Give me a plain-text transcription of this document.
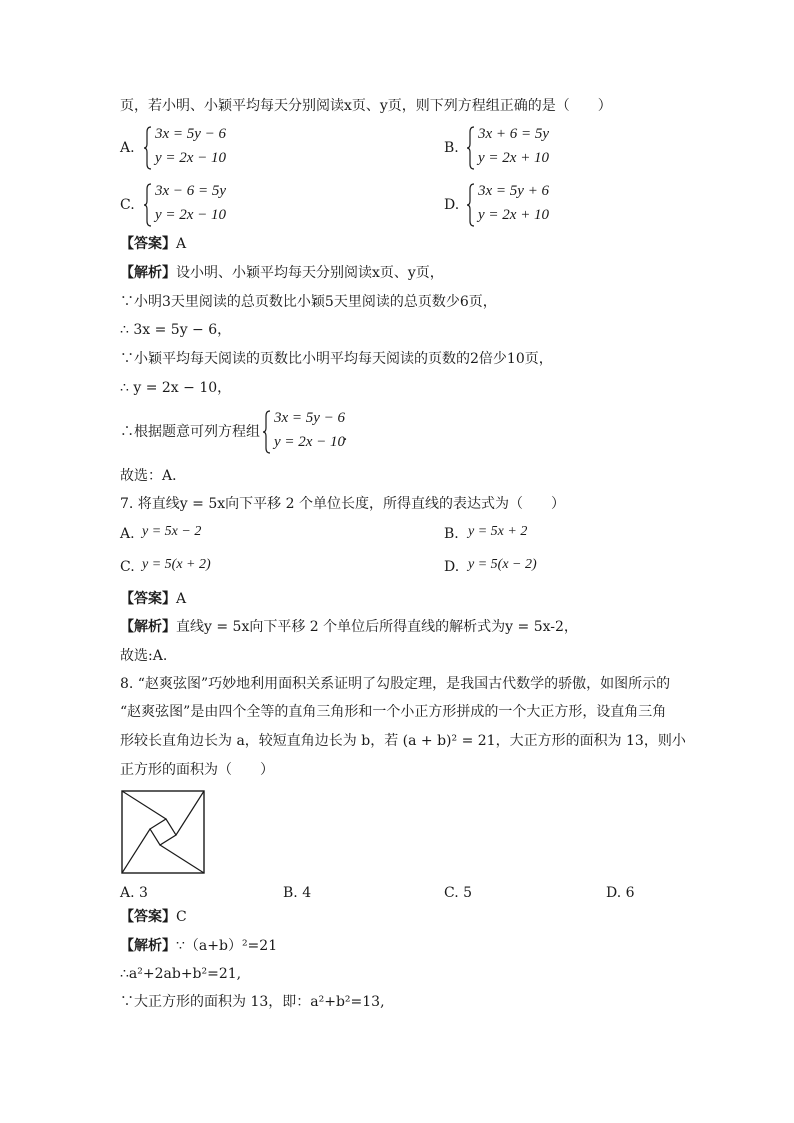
页，若小明、小颖平均每天分别阅读x页、y页，则下列方程组正确的是（　　）
A.
3x = 5y − 6
y = 2x − 10
B.
3x + 6 = 5y
y = 2x + 10
C.
3x − 6 = 5y
y = 2x − 10
D.
3x = 5y + 6
y = 2x + 10
【答案】A
【解析】设小明、小颖平均每天分别阅读x页、y页，
∵小明3天里阅读的总页数比小颖5天里阅读的总页数少6页，
∴ 3x = 5y − 6，
∵小颖平均每天阅读的页数比小明平均每天阅读的页数的2倍少10页，
∴ y = 2x − 10，
∴根据题意可列方程组
3x = 5y − 6
y = 2x − 10
.
故选：A．
7. 将直线y = 5x向下平移 2 个单位长度，所得直线的表达式为（　　）
A. y = 5x − 2	B. y = 5x + 2
C. y = 5(x + 2)	D. y = 5(x − 2)
【答案】A
【解析】直线y = 5x向下平移 2 个单位后所得直线的解析式为y = 5x-2，
故选:A.
8. “赵爽弦图”巧妙地利用面积关系证明了勾股定理，是我国古代数学的骄傲，如图所示的
“赵爽弦图”是由四个全等的直角三角形和一个小正方形拼成的一个大正方形，设直角三角
形较长直角边长为 a，较短直角边长为 b，若 (a + b)² = 21，大正方形的面积为 13，则小
正方形的面积为（　　）
A. 3	B. 4	C. 5	D. 6
【答案】C
【解析】∵（a+b）²=21
∴a²+2ab+b²=21,
∵大正方形的面积为 13，即：a²+b²=13,
